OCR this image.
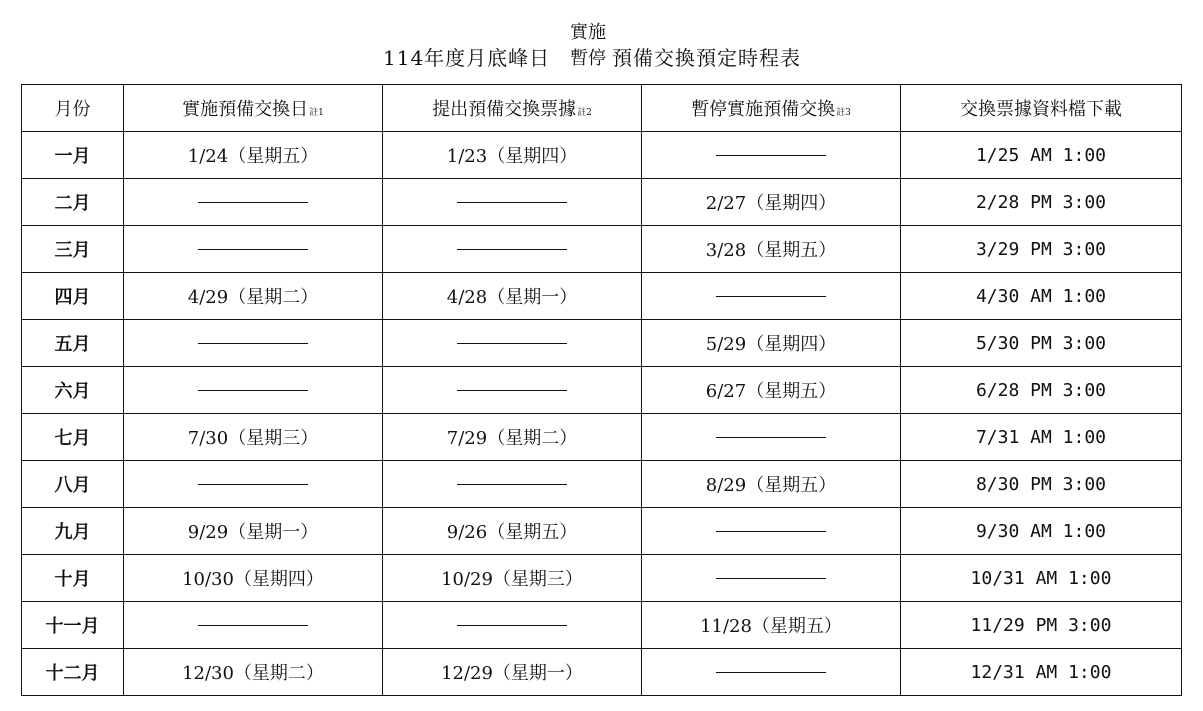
114年度月底峰日
實施
暫停 預備交換預定時程表
月份	實施預備交換日註1	提出預備交換票據註2	暫停實施預備交換註3	交換票據資料檔下載
一月	1/24（星期五）	1/23（星期四）		1/25 AM 1:00
二月			2/27（星期四）	2/28 PM 3:00
三月			3/28（星期五）	3/29 PM 3:00
四月	4/29（星期二）	4/28（星期一）		4/30 AM 1:00
五月			5/29（星期四）	5/30 PM 3:00
六月			6/27（星期五）	6/28 PM 3:00
七月	7/30（星期三）	7/29（星期二）		7/31 AM 1:00
八月			8/29（星期五）	8/30 PM 3:00
九月	9/29（星期一）	9/26（星期五）		9/30 AM 1:00
十月	10/30（星期四）	10/29（星期三）		10/31 AM 1:00
十一月			11/28（星期五）	11/29 PM 3:00
十二月	12/30（星期二）	12/29（星期一）		12/31 AM 1:00
